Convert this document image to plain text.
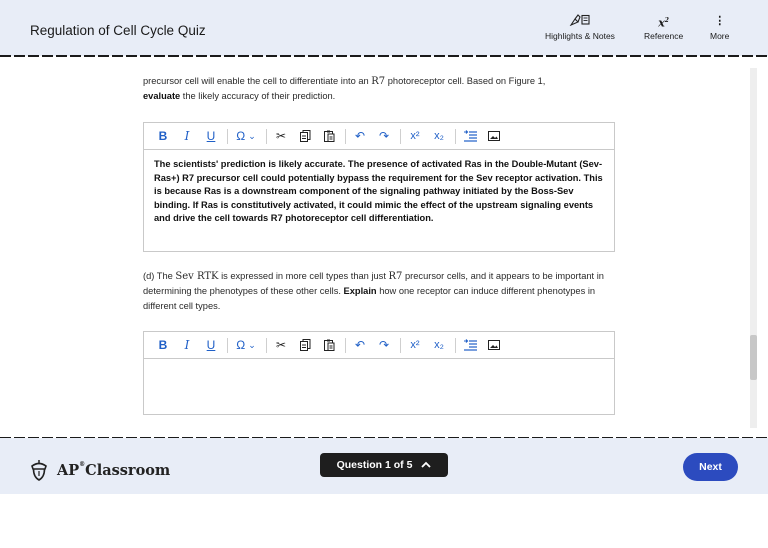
Regulation of Cell Cycle Quiz	Highlights & Notes
$x^2$
Reference
⋮
More
precursor cell will enable the cell to differentiate into an R7 photoreceptor cell. Based on Figure 1,
evaluate the likely accuracy of their prediction.
B	I	U	Ω ⌄ ✂	↶ ↷	x²	x₂
The scientists' prediction is likely accurate. The presence of activated Ras in the Double-Mutant (Sev- Ras+) R7 precursor cell could potentially bypass the requirement for the Sev receptor activation. This is because Ras is a downstream component of the signaling pathway initiated by the Boss-Sev binding. If Ras is constitutively activated, it could mimic the effect of the upstream signaling events and drive the cell towards R7 photoreceptor cell differentiation.
(d) The Sev RTK is expressed in more cell types than just R7 precursor cells, and it appears to be important in determining the phenotypes of these other cells. Explain how one receptor can induce different phenotypes in different cell types.
B	I	U	Ω ⌄ ✂	↶ ↷	x²	x₂
AP®Classroom	Question 1 of 5	Next
